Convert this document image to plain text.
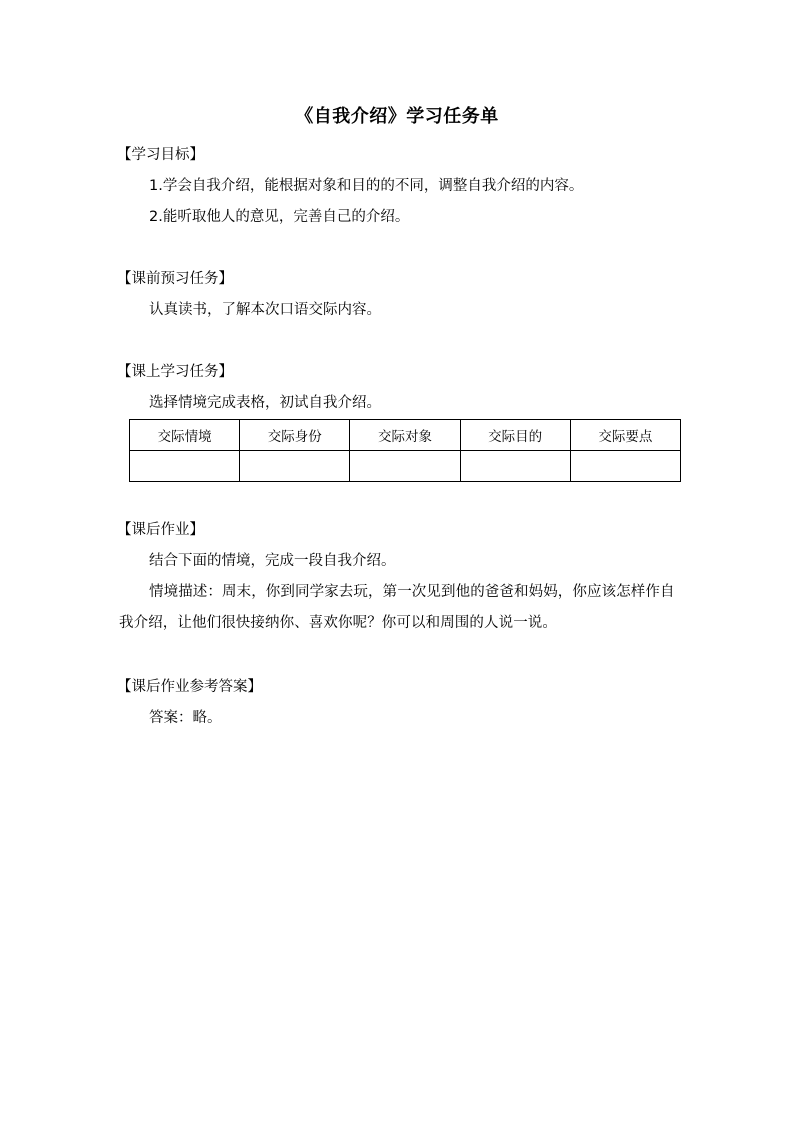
《自我介绍》学习任务单
【学习目标】
1.学会自我介绍，能根据对象和目的的不同，调整自我介绍的内容。
2.能听取他人的意见，完善自己的介绍。
【课前预习任务】
认真读书，了解本次口语交际内容。
【课上学习任务】
选择情境完成表格，初试自我介绍。
交际情境	交际身份	交际对象	交际目的	交际要点

【课后作业】
结合下面的情境，完成一段自我介绍。
情境描述：周末，你到同学家去玩，第一次见到他的爸爸和妈妈，你应该怎样作自我介绍，让他们很快接纳你、喜欢你呢？你可以和周围的人说一说。
【课后作业参考答案】
答案：略。
